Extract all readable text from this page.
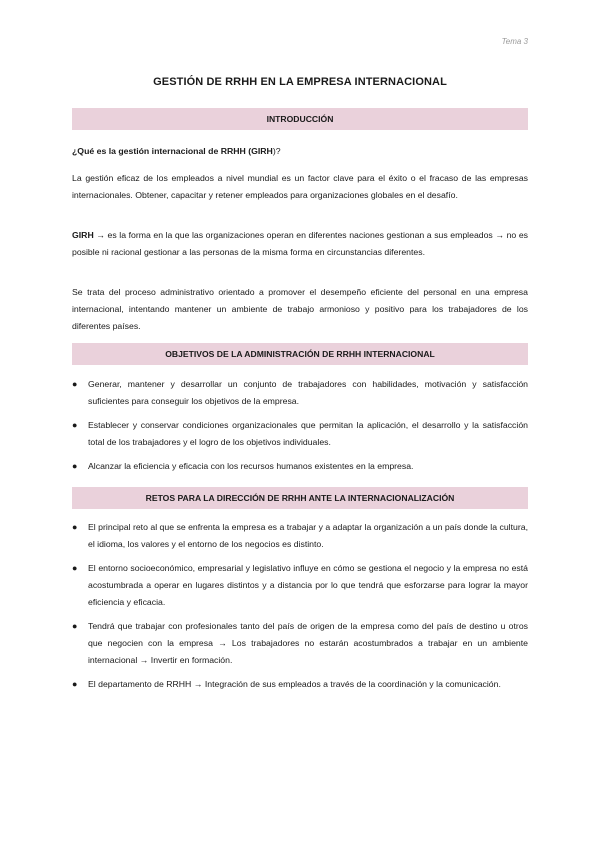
Tema 3
GESTIÓN DE RRHH EN LA EMPRESA INTERNACIONAL
INTRODUCCIÓN
¿Qué es la gestión internacional de RRHH (GIRH)?
La gestión eficaz de los empleados a nivel mundial es un factor clave para el éxito o el fracaso de las empresas internacionales. Obtener, capacitar y retener empleados para organizaciones globales en el desafío.
GIRH → es la forma en la que las organizaciones operan en diferentes naciones gestionan a sus empleados → no es posible ni racional gestionar a las personas de la misma forma en circunstancias diferentes.
Se trata del proceso administrativo orientado a promover el desempeño eficiente del personal en una empresa internacional, intentando mantener un ambiente de trabajo armonioso y positivo para los trabajadores de los diferentes países.
OBJETIVOS DE LA ADMINISTRACIÓN DE RRHH INTERNACIONAL
● Generar, mantener y desarrollar un conjunto de trabajadores con habilidades, motivación y satisfacción suficientes para conseguir los objetivos de la empresa.
● Establecer y conservar condiciones organizacionales que permitan la aplicación, el desarrollo y la satisfacción total de los trabajadores y el logro de los objetivos individuales.
● Alcanzar la eficiencia y eficacia con los recursos humanos existentes en la empresa.
RETOS PARA LA DIRECCIÓN DE RRHH ANTE LA INTERNACIONALIZACIÓN
● El principal reto al que se enfrenta la empresa es a trabajar y a adaptar la organización a un país donde la cultura, el idioma, los valores y el entorno de los negocios es distinto.
● El entorno socioeconómico, empresarial y legislativo influye en cómo se gestiona el negocio y la empresa no está acostumbrada a operar en lugares distintos y a distancia por lo que tendrá que esforzarse para lograr la mayor eficiencia y eficacia.
● Tendrá que trabajar con profesionales tanto del país de origen de la empresa como del país de destino u otros que negocien con la empresa → Los trabajadores no estarán acostumbrados a trabajar en un ambiente internacional → Invertir en formación.
● El departamento de RRHH → Integración de sus empleados a través de la coordinación y la comunicación.
